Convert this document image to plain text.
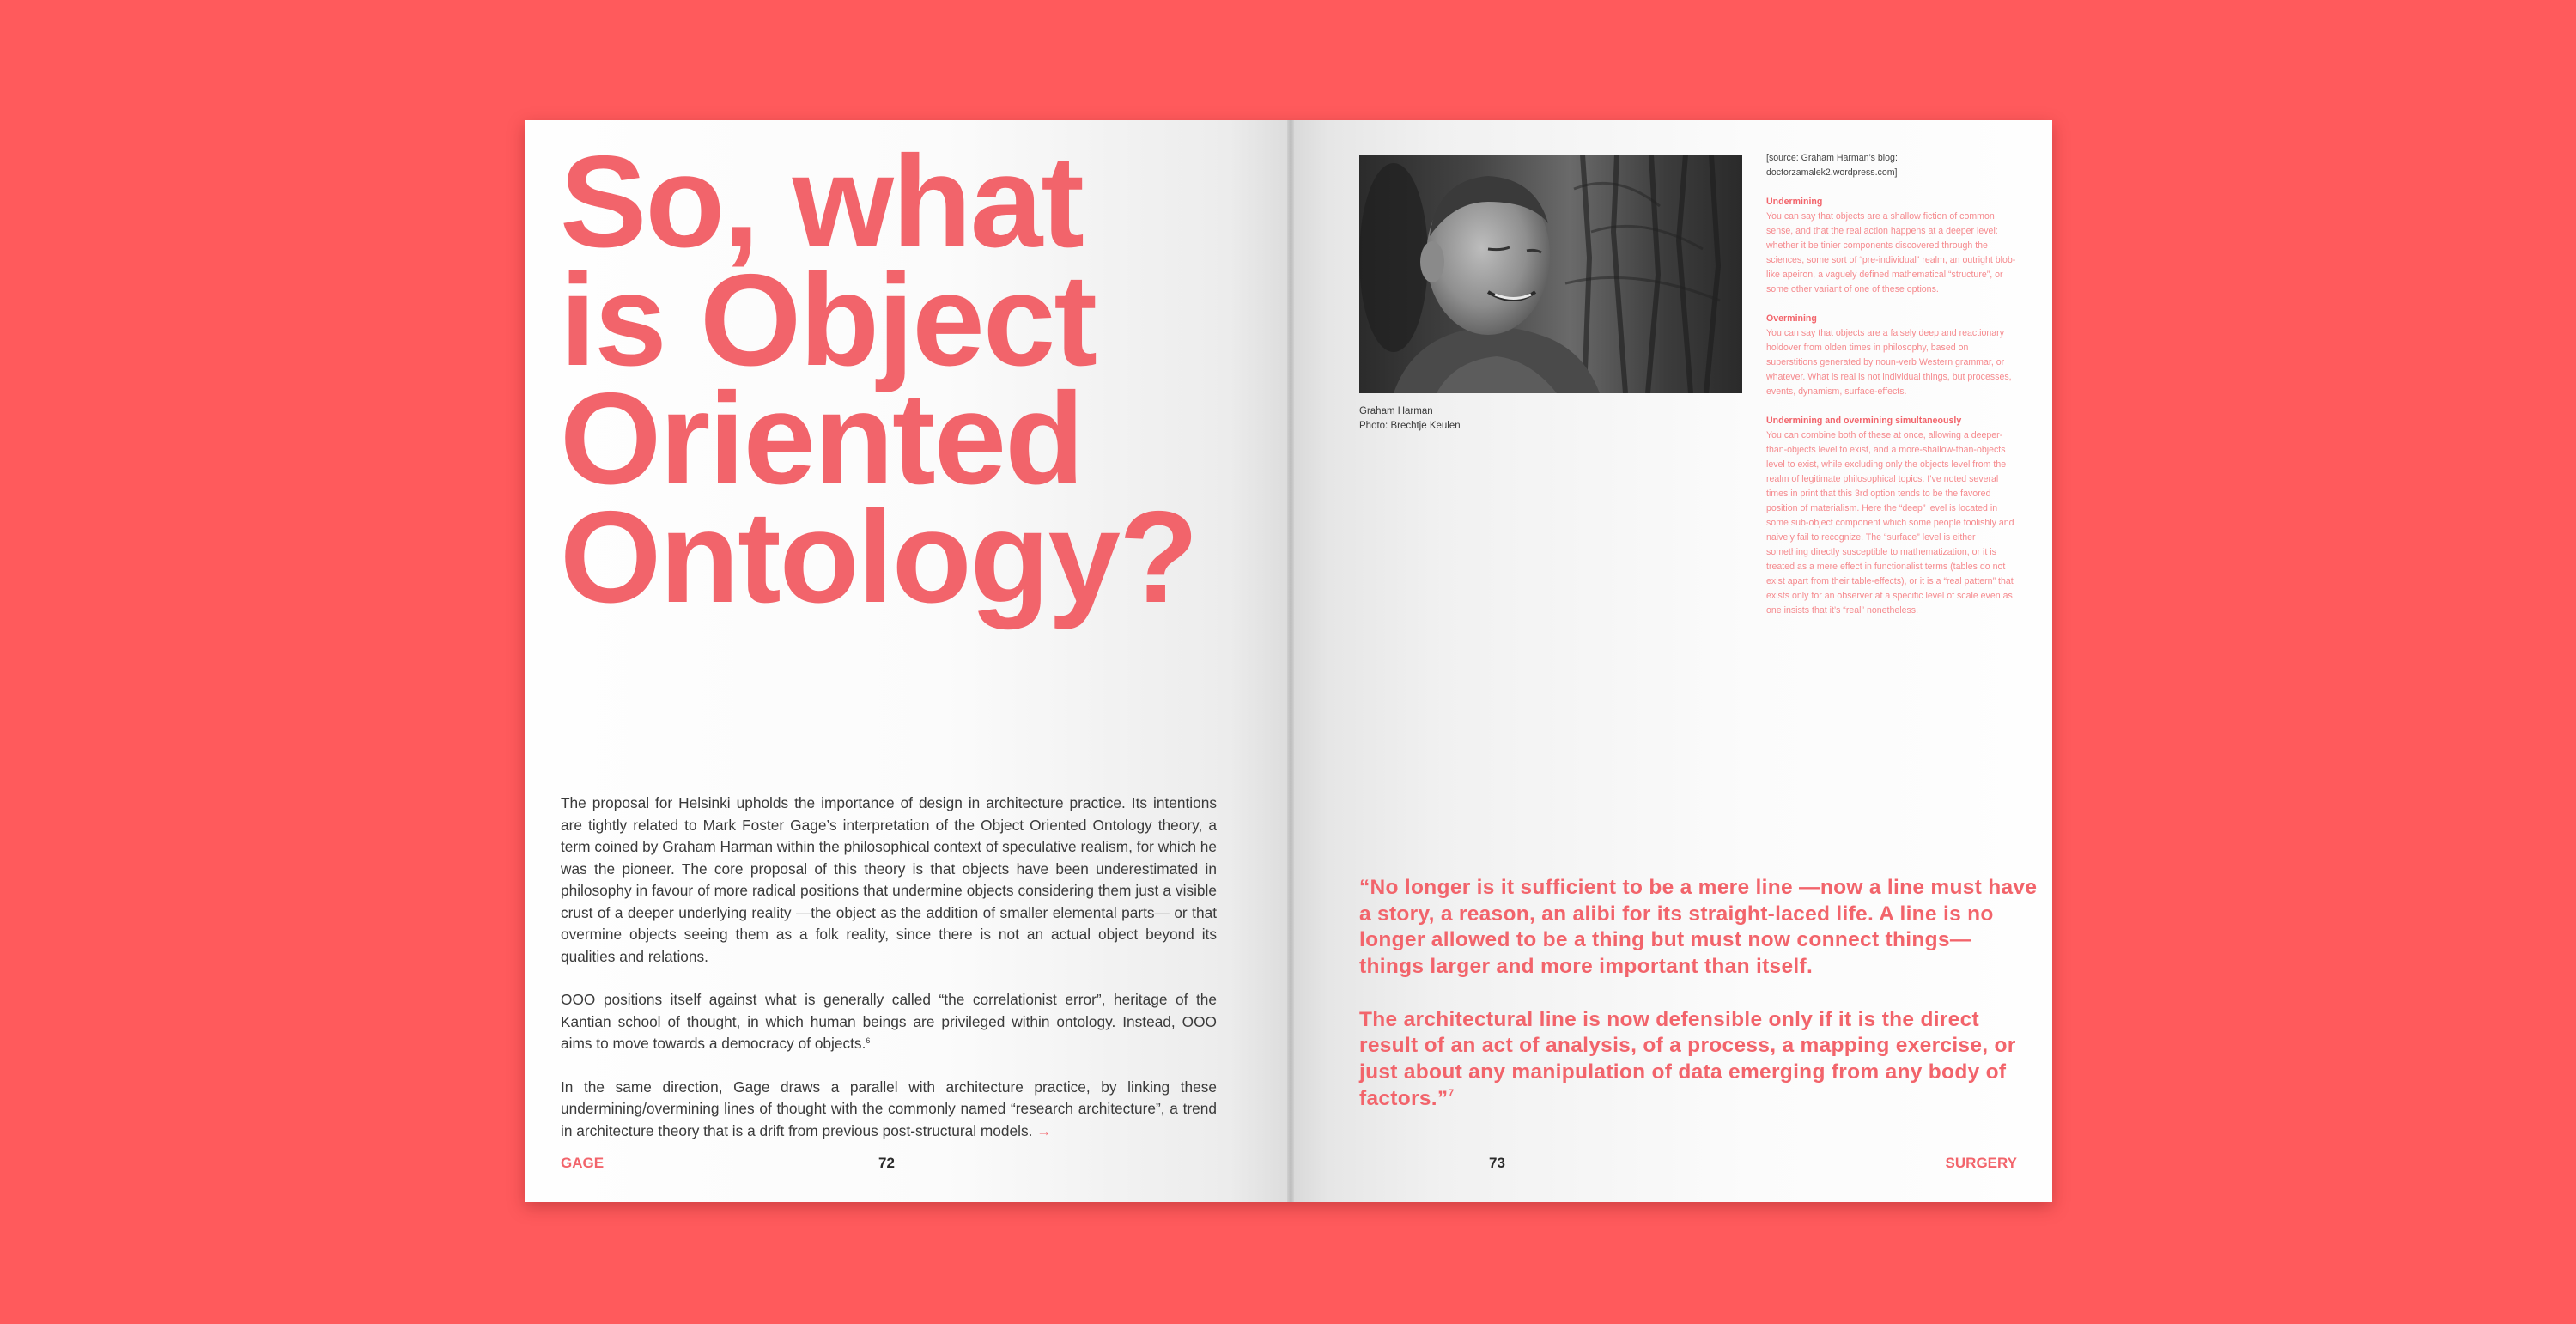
So, what
is Object
Oriented
Ontology?

The proposal for Helsinki upholds the importance of design in architecture practice. Its intentions are tightly related to Mark Foster Gage’s interpretation of the Object Oriented Ontology theory, a term coined by Graham Harman within the philosophical context of speculative realism, for which he was the pioneer. The core proposal of this theory is that objects have been underestimated in philosophy in favour of more radical positions that undermine objects considering them just a visible crust of a deeper underlying reality —the object as the addition of smaller elemental parts— or that overmine objects seeing them as a folk reality, since there is not an actual object beyond its qualities and relations.

OOO positions itself against what is generally called “the correlationist error”, heritage of the Kantian school of thought, in which human beings are privileged within ontology. Instead, OOO aims to move towards a democracy of objects.$^6$

In the same direction, Gage draws a parallel with architecture practice, by linking these undermining/overmining lines of thought with the commonly named “research architecture”, a trend in architecture theory that is a drift from previous post-structural models. →

GAGE	72
Graham Harman
Photo: Brechtje Keulen
[source: Graham Harman’s blog:
doctorzamalek2.wordpress.com]
Undermining
You can say that objects are a shallow fiction of common sense, and that the real action happens at a deeper level: whether it be tinier components discovered through the sciences, some sort of “pre-individual” realm, an outright blob-like apeiron, a vaguely defined mathematical “structure”, or some other variant of one of these options.
Overmining
You can say that objects are a falsely deep and reactionary holdover from olden times in philosophy, based on superstitions generated by noun-verb Western grammar, or whatever. What is real is not individual things, but processes, events, dynamism, surface-effects.
Undermining and overmining simultaneously
You can combine both of these at once, allowing a deeper-than-objects level to exist, and a more-shallow-than-objects level to exist, while excluding only the objects level from the realm of legitimate philosophical topics. I’ve noted several times in print that this 3rd option tends to be the favored position of materialism. Here the “deep” level is located in some sub-object component which some people foolishly and naively fail to recognize. The “surface” level is either something directly susceptible to mathematization, or it is treated as a mere effect in functionalist terms (tables do not exist apart from their table-effects), or it is a “real pattern” that exists only for an observer at a specific level of scale even as one insists that it’s “real” nonetheless.

“No longer is it sufficient to be a mere line —now a line must have a story, a reason, an alibi for its straight-laced life. A line is no longer allowed to be a thing but must now connect things— things larger and more important than itself.

The architectural line is now defensible only if it is the direct result of an act of analysis, of a process, a mapping exercise, or just about any manipulation of data emerging from any body of factors.”$^7$

73	SURGERY
